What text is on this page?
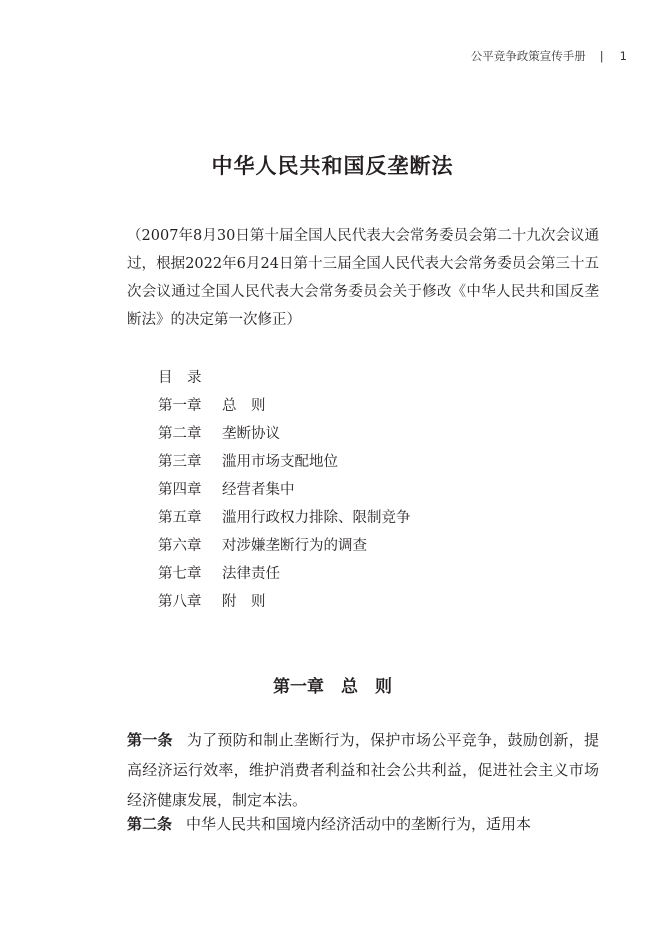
公平竞争政策宣传手册 | 1
中华人民共和国反垄断法

（2007年8月30日第十届全国人民代表大会常务委员会第二十九次会议通过，根据2022年6月24日第十三届全国人民代表大会常务委员会第三十五次会议通过全国人民代表大会常务委员会关于修改《中华人民共和国反垄断法》的决定第一次修正）

目　录
第一章 总　则
第二章 垄断协议
第三章 滥用市场支配地位
第四章 经营者集中
第五章 滥用行政权力排除、限制竞争
第六章 对涉嫌垄断行为的调查
第七章 法律责任
第八章 附　则
第一章　总　则

第一条 为了预防和制止垄断行为，保护市场公平竞争，鼓励创新，提高经济运行效率，维护消费者利益和社会公共利益，促进社会主义市场经济健康发展，制定本法。

第二条 中华人民共和国境内经济活动中的垄断行为，适用本
